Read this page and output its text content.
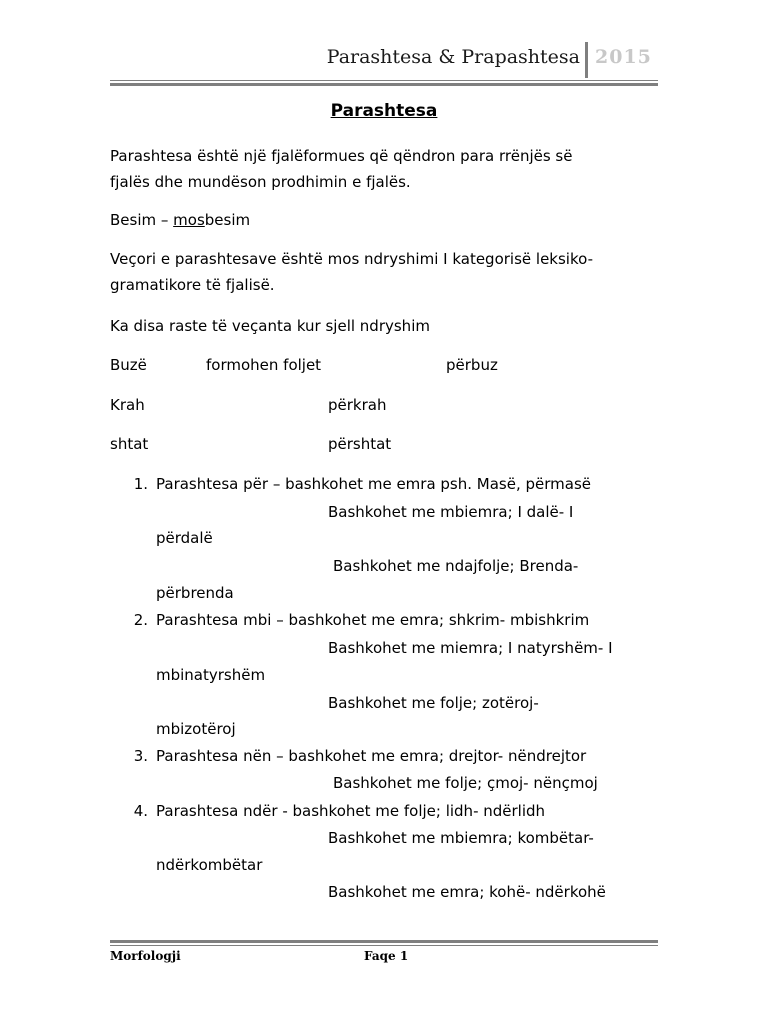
Parashtesa & Prapashtesa 2015
Parashtesa
Parashtesa është një fjalëformues që qëndron para rrënjës së
fjalës dhe mundëson prodhimin e fjalës.
Besim – mosbesim
Veçori e parashtesave është mos ndryshimi I kategorisë leksiko-
gramatikore të fjalisë.
Ka disa raste të veçanta kur sjell ndryshim
Buzë	formohen foljet	përbuz
Krah	përkrah
shtat	përshtat
1. Parashtesa për – bashkohet me emra psh. Masë, përmasë
Bashkohet me mbiemra; I dalë- I
përdalë
Bashkohet me ndajfolje; Brenda-
përbrenda
2. Parashtesa mbi – bashkohet me emra; shkrim- mbishkrim
Bashkohet me miemra; I natyrshëm- I
mbinatyrshëm
Bashkohet me folje; zotëroj-
mbizotëroj
3. Parashtesa nën – bashkohet me emra; drejtor- nëndrejtor
Bashkohet me folje; çmoj- nënçmoj
4. Parashtesa ndër - bashkohet me folje; lidh- ndërlidh
Bashkohet me mbiemra; kombëtar-
ndërkombëtar
Bashkohet me emra; kohë- ndërkohë
Morfologji	Faqe 1
